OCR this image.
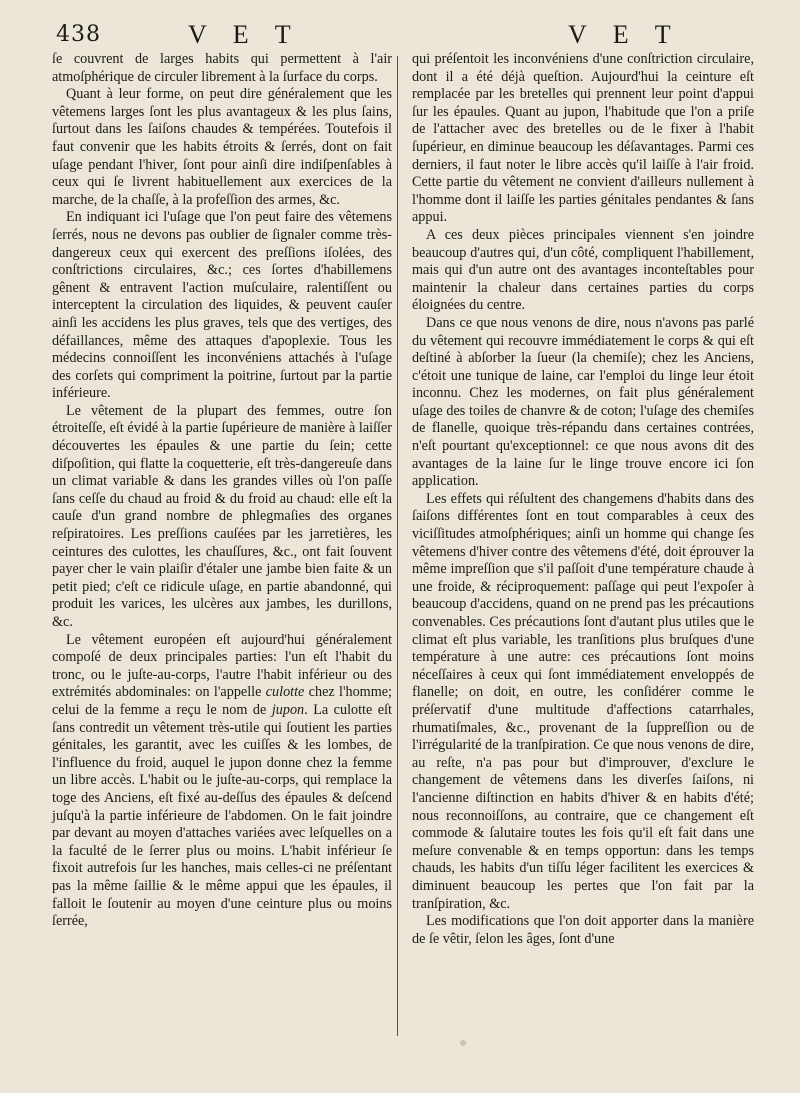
438	V E T	V E T

ſe couvrent de larges habits qui permettent à l'air atmoſphérique de circuler librement à la ſurface du corps.

Quant à leur forme, on peut dire généralement que les vêtemens larges ſont les plus avantageux & les plus ſains, ſurtout dans les ſaiſons chaudes & tempérées. Toutefois il faut convenir que les habits étroits & ſerrés, dont on fait uſage pendant l'hiver, ſont pour ainſi dire indiſpenſables à ceux qui ſe livrent habituellement aux exercices de la marche, de la chaſſe, à la profeſſion des armes, &c.

En indiquant ici l'uſage que l'on peut faire des vêtemens ſerrés, nous ne devons pas oublier de ſignaler comme très-dangereux ceux qui exercent des preſſions iſolées, des conſtrictions circulaires, &c.; ces ſortes d'habillemens gênent & entravent l'action muſculaire, ralentiſſent ou interceptent la circulation des liquides, & peuvent cauſer ainſi les accidens les plus graves, tels que des vertiges, des défaillances, même des attaques d'apoplexie. Tous les médecins connoiſſent les inconvéniens attachés à l'uſage des corſets qui compriment la poitrine, ſurtout par la partie inférieure.

Le vêtement de la plupart des femmes, outre ſon étroiteſſe, eſt évidé à la partie ſupérieure de manière à laiſſer découvertes les épaules & une partie du ſein; cette diſpoſition, qui flatte la coquetterie, eſt très-dangereuſe dans un climat variable & dans les grandes villes où l'on paſſe ſans ceſſe du chaud au froid & du froid au chaud: elle eſt la cauſe d'un grand nombre de phlegmaſies des organes reſpiratoires. Les preſſions cauſées par les jarretières, les ceintures des culottes, les chauſſures, &c., ont fait ſouvent payer cher le vain plaiſir d'étaler une jambe bien faite & un petit pied; c'eſt ce ridicule uſage, en partie abandonné, qui produit les varices, les ulcères aux jambes, les durillons, &c.

Le vêtement européen eſt aujourd'hui généralement compoſé de deux principales parties: l'un eſt l'habit du tronc, ou le juſte-au-corps, l'autre l'habit inférieur ou des extrémités abdominales: on l'appelle culotte chez l'homme; celui de la femme a reçu le nom de jupon. La culotte eſt ſans contredit un vêtement très-utile qui ſoutient les parties génitales, les garantit, avec les cuiſſes & les lombes, de l'influence du froid, auquel le jupon donne chez la femme un libre accès. L'habit ou le juſte-au-corps, qui remplace la toge des Anciens, eſt fixé au-deſſus des épaules & deſcend juſqu'à la partie inférieure de l'abdomen. On le fait joindre par devant au moyen d'attaches variées avec leſquelles on a la faculté de le ſerrer plus ou moins. L'habit inférieur ſe fixoit autrefois ſur les hanches, mais celles-ci ne préſentant pas la même ſaillie & le même appui que les épaules, il falloit le ſoutenir au moyen d'une ceinture plus ou moins ſerrée,

qui préſentoit les inconvéniens d'une conſtriction circulaire, dont il a été déjà queſtion. Aujourd'hui la ceinture eſt remplacée par les bretelles qui prennent leur point d'appui ſur les épaules. Quant au jupon, l'habitude que l'on a priſe de l'attacher avec des bretelles ou de le fixer à l'habit ſupérieur, en diminue beaucoup les déſavantages. Parmi ces derniers, il faut noter le libre accès qu'il laiſſe à l'air froid. Cette partie du vêtement ne convient d'ailleurs nullement à l'homme dont il laiſſe les parties génitales pendantes & ſans appui.

A ces deux pièces principales viennent s'en joindre beaucoup d'autres qui, d'un côté, compliquent l'habillement, mais qui d'un autre ont des avantages inconteſtables pour maintenir la chaleur dans certaines parties du corps éloignées du centre.

Dans ce que nous venons de dire, nous n'avons pas parlé du vêtement qui recouvre immédiatement le corps & qui eſt deſtiné à abſorber la ſueur (la chemiſe); chez les Anciens, c'étoit une tunique de laine, car l'emploi du linge leur étoit inconnu. Chez les modernes, on fait plus généralement uſage des toiles de chanvre & de coton; l'uſage des chemiſes de flanelle, quoique très-répandu dans certaines contrées, n'eſt pourtant qu'exceptionnel: ce que nous avons dit des avantages de la laine ſur le linge trouve encore ici ſon application.

Les effets qui réſultent des changemens d'habits dans des ſaiſons différentes ſont en tout comparables à ceux des viciſſitudes atmoſphériques; ainſi un homme qui change ſes vêtemens d'hiver contre des vêtemens d'été, doit éprouver la même impreſſion que s'il paſſoit d'une température chaude à une froide, & réciproquement: paſſage qui peut l'expoſer à beaucoup d'accidens, quand on ne prend pas les précautions convenables. Ces précautions ſont d'autant plus utiles que le climat eſt plus variable, les tranſitions plus bruſques d'une température à une autre: ces précautions ſont moins néceſſaires à ceux qui ſont immédiatement enveloppés de flanelle; on doit, en outre, les conſidérer comme le préſervatif d'une multitude d'affections catarrhales, rhumatiſmales, &c., provenant de la ſuppreſſion ou de l'irrégularité de la tranſpiration. Ce que nous venons de dire, au reſte, n'a pas pour but d'improuver, d'exclure le changement de vêtemens dans les diverſes ſaiſons, ni l'ancienne diſtinction en habits d'hiver & en habits d'été; nous reconnoiſſons, au contraire, que ce changement eſt commode & ſalutaire toutes les fois qu'il eſt fait dans une meſure convenable & en temps opportun: dans les temps chauds, les habits d'un tiſſu léger facilitent les exercices & diminuent beaucoup les pertes que l'on fait par la tranſpiration, &c.

Les modifications que l'on doit apporter dans la manière de ſe vêtir, ſelon les âges, ſont d'une
